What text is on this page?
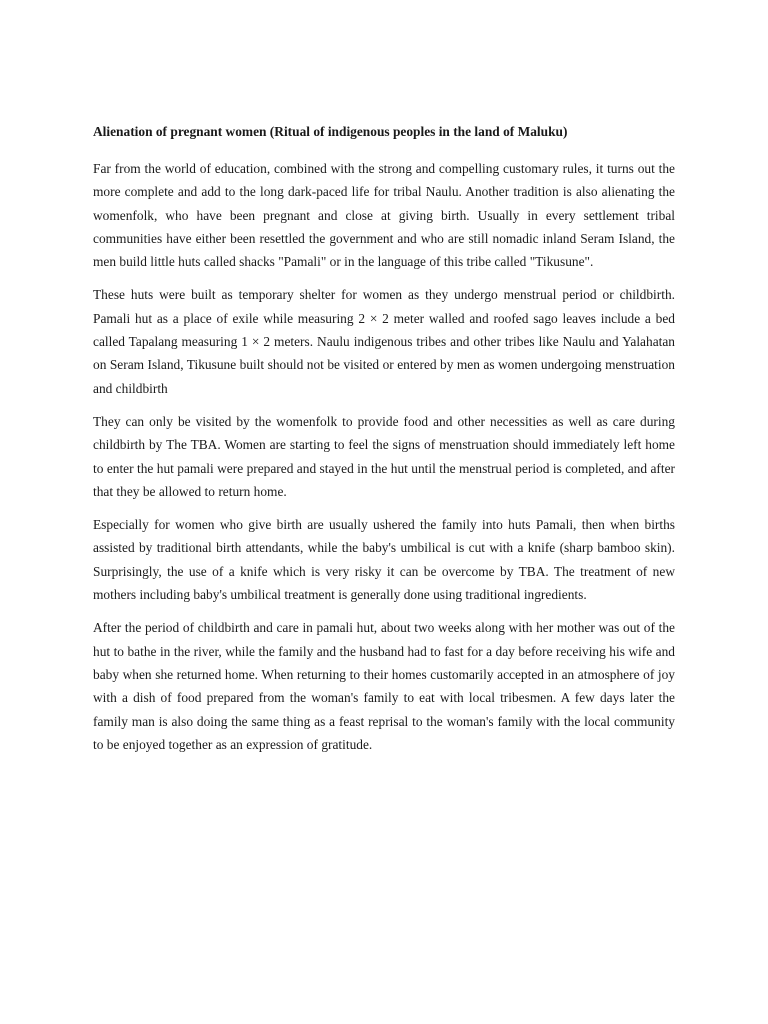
Alienation of pregnant women (Ritual of indigenous peoples in the land of Maluku)

Far from the world of education, combined with the strong and compelling customary rules, it turns out the more complete and add to the long dark-paced life for tribal Naulu. Another tradition is also alienating the womenfolk, who have been pregnant and close at giving birth. Usually in every settlement tribal communities have either been resettled the government and who are still nomadic inland Seram Island, the men build little huts called shacks "Pamali" or in the language of this tribe called "Tikusune".

These huts were built as temporary shelter for women as they undergo menstrual period or childbirth. Pamali hut as a place of exile while measuring 2 × 2 meter walled and roofed sago leaves include a bed called Tapalang measuring 1 × 2 meters. Naulu indigenous tribes and other tribes like Naulu and Yalahatan on Seram Island, Tikusune built should not be visited or entered by men as women undergoing menstruation and childbirth

They can only be visited by the womenfolk to provide food and other necessities as well as care during childbirth by The TBA. Women are starting to feel the signs of menstruation should immediately left home to enter the hut pamali were prepared and stayed in the hut until the menstrual period is completed, and after that they be allowed to return home.

Especially for women who give birth are usually ushered the family into huts Pamali, then when births assisted by traditional birth attendants, while the baby's umbilical is cut with a knife (sharp bamboo skin). Surprisingly, the use of a knife which is very risky it can be overcome by TBA. The treatment of new mothers including baby's umbilical treatment is generally done using traditional ingredients.

After the period of childbirth and care in pamali hut, about two weeks along with her mother was out of the hut to bathe in the river, while the family and the husband had to fast for a day before receiving his wife and baby when she returned home. When returning to their homes customarily accepted in an atmosphere of joy with a dish of food prepared from the woman's family to eat with local tribesmen. A few days later the family man is also doing the same thing as a feast reprisal to the woman's family with the local community to be enjoyed together as an expression of gratitude.
